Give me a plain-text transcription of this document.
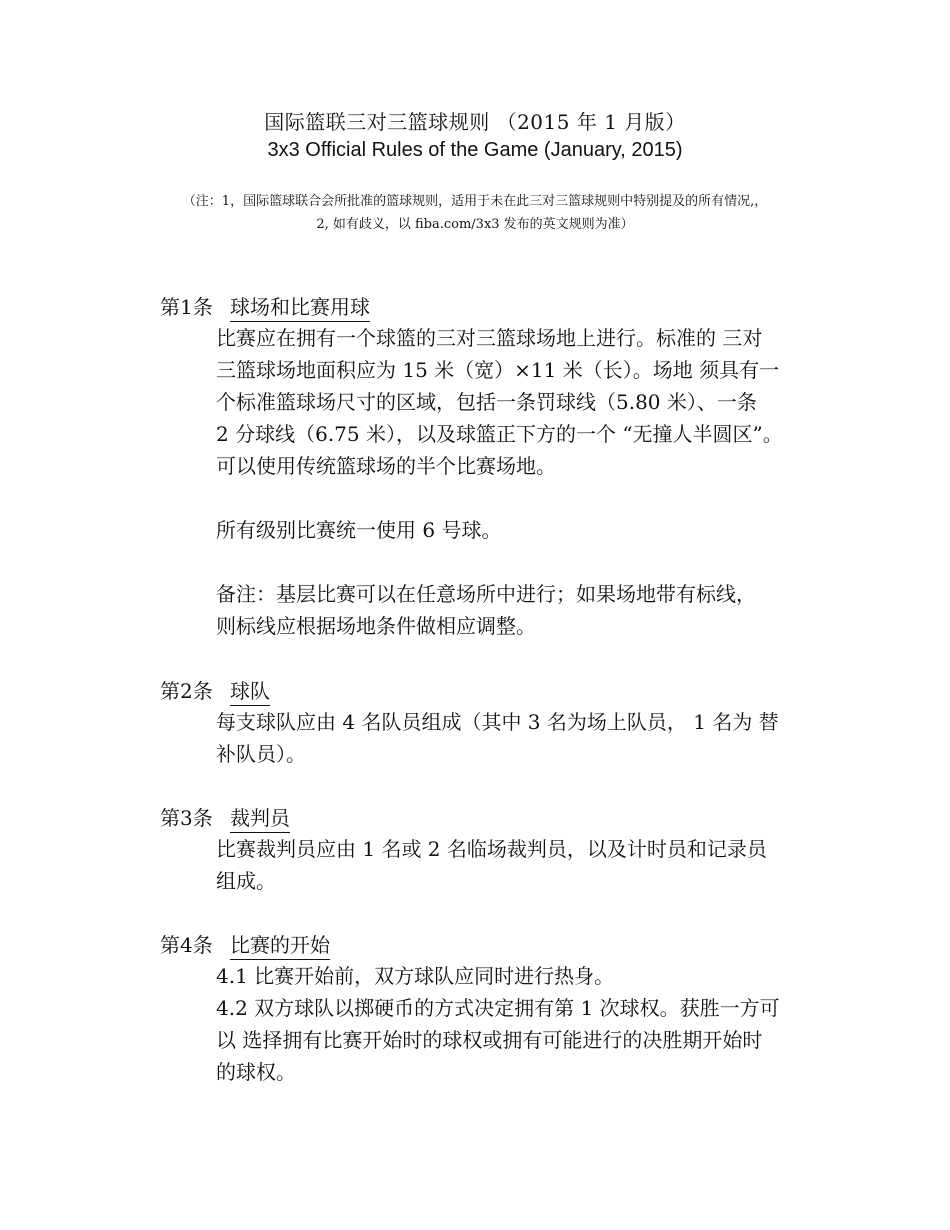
国际篮联三对三篮球规则 （2015 年 1 月版）
3x3 Official Rules of the Game (January, 2015)
（注：1，国际篮球联合会所批准的篮球规则，适用于未在此三对三篮球规则中特别提及的所有情况,，
2, 如有歧义，以 fiba.com/3x3 发布的英文规则为准）
第1条 球场和比赛用球

比赛应在拥有一个球篮的三对三篮球场地上进行。标准的 三对
三篮球场地面积应为 15 米（宽）×11 米（长）。场地 须具有一
个标准篮球场尺寸的区域，包括一条罚球线（5.80 米）、一条
2 分球线（6.75 米），以及球篮正下方的一个 “无撞人半圆区”。
可以使用传统篮球场的半个比赛场地。

所有级别比赛统一使用 6 号球。

备注：基层比赛可以在任意场所中进行；如果场地带有标线，
则标线应根据场地条件做相应调整。

第2条 球队

每支球队应由 4 名队员组成（其中 3 名为场上队员， 1 名为 替
补队员）。

第3条 裁判员

比赛裁判员应由 1 名或 2 名临场裁判员，以及计时员和记录员
组成。

第4条 比赛的开始

4.1 比赛开始前，双方球队应同时进行热身。
4.2 双方球队以掷硬币的方式决定拥有第 1 次球权。获胜一方可
以 选择拥有比赛开始时的球权或拥有可能进行的决胜期开始时
的球权。
